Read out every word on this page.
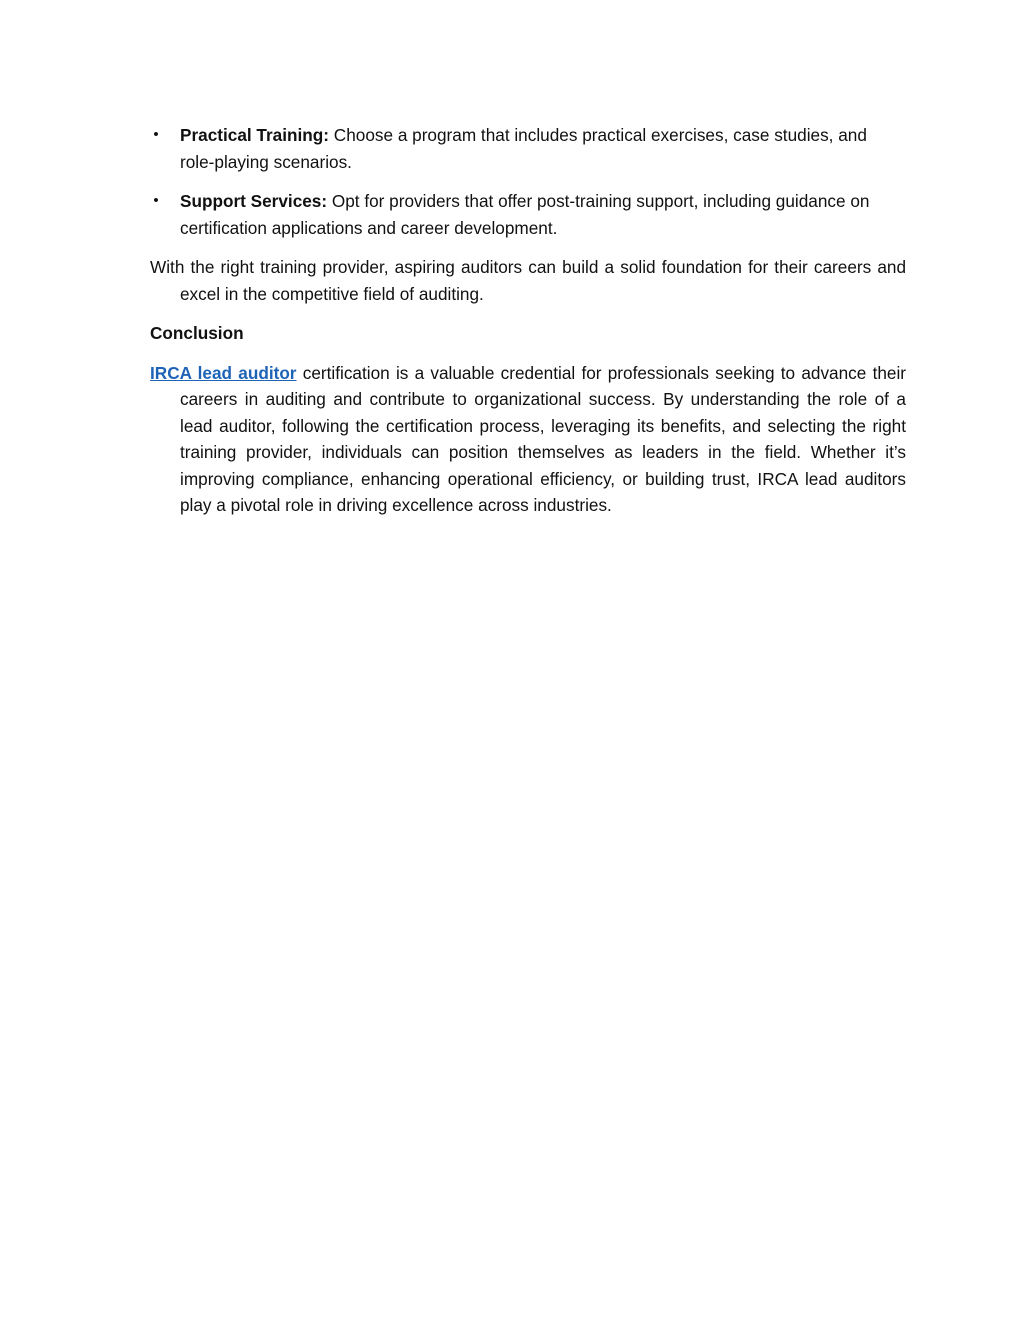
• Practical Training: Choose a program that includes practical exercises, case studies, and role-playing scenarios.
• Support Services: Opt for providers that offer post-training support, including guidance on certification applications and career development.

With the right training provider, aspiring auditors can build a solid foundation for their careers and excel in the competitive field of auditing.

Conclusion

IRCA lead auditor certification is a valuable credential for professionals seeking to advance their careers in auditing and contribute to organizational success. By understanding the role of a lead auditor, following the certification process, leveraging its benefits, and selecting the right training provider, individuals can position themselves as leaders in the field. Whether it’s improving compliance, enhancing operational efficiency, or building trust, IRCA lead auditors play a pivotal role in driving excellence across industries.
